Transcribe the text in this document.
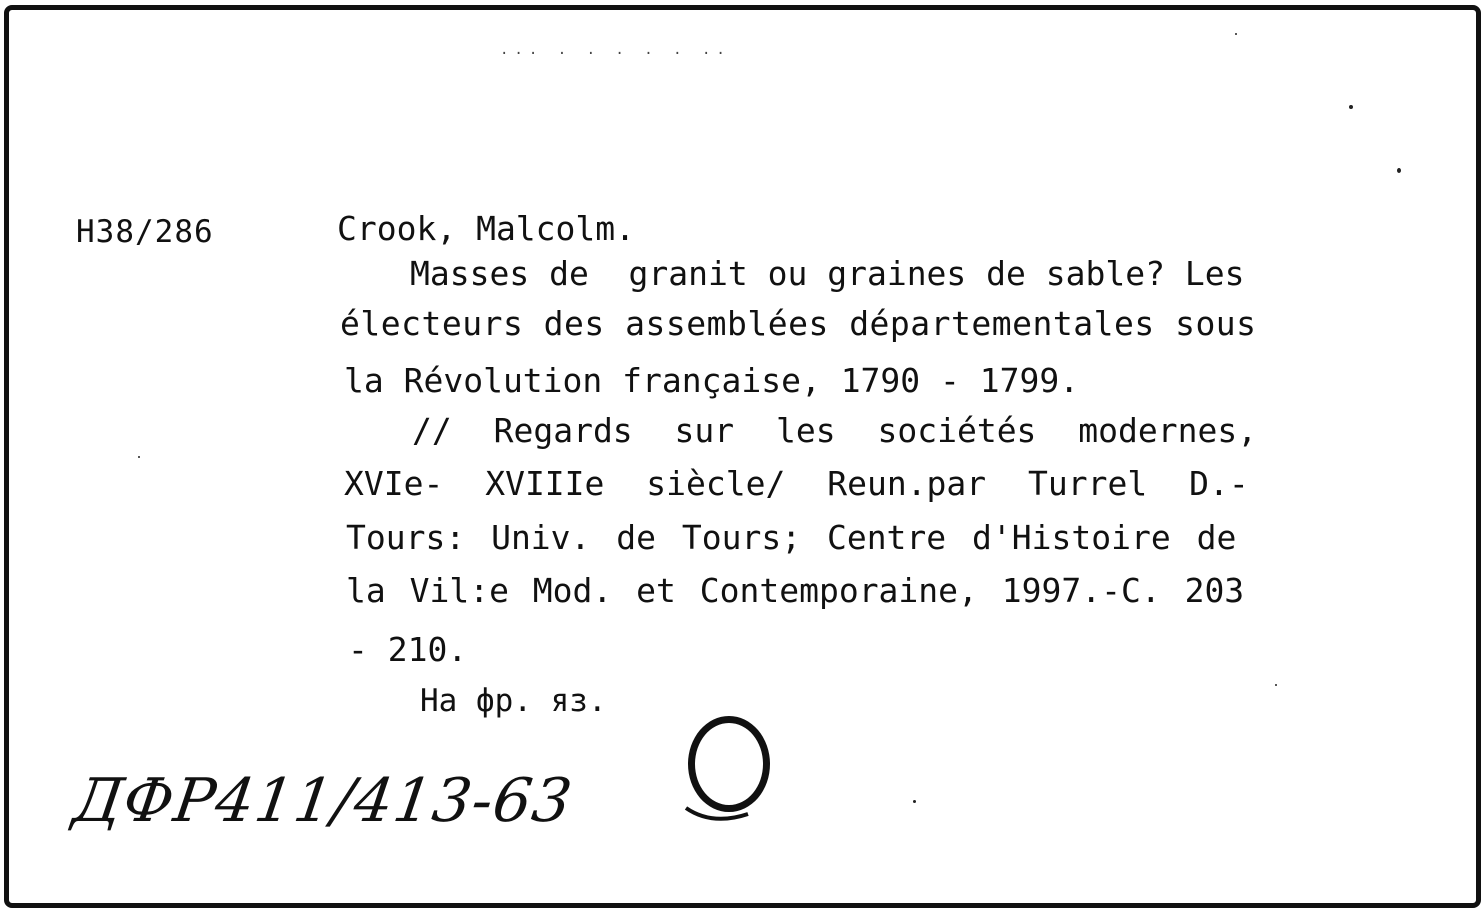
... . . . . . ..
H38/286	Crook, Malcolm.
Masses de  granit ou graines de sable? Les
électeurs des assemblées départementales sous
la Révolution française, 1790 - 1799.
// Regards sur les sociétés modernes,
XVIe- XVIIIe siècle/ Reun.par Turrel D.-
Tours: Univ. de Tours; Centre d'Histoire de
la Vil:e Mod. et Contemporaine, 1997.-C. 203
- 210.
На фр. яз.
ДФР411/413-63
